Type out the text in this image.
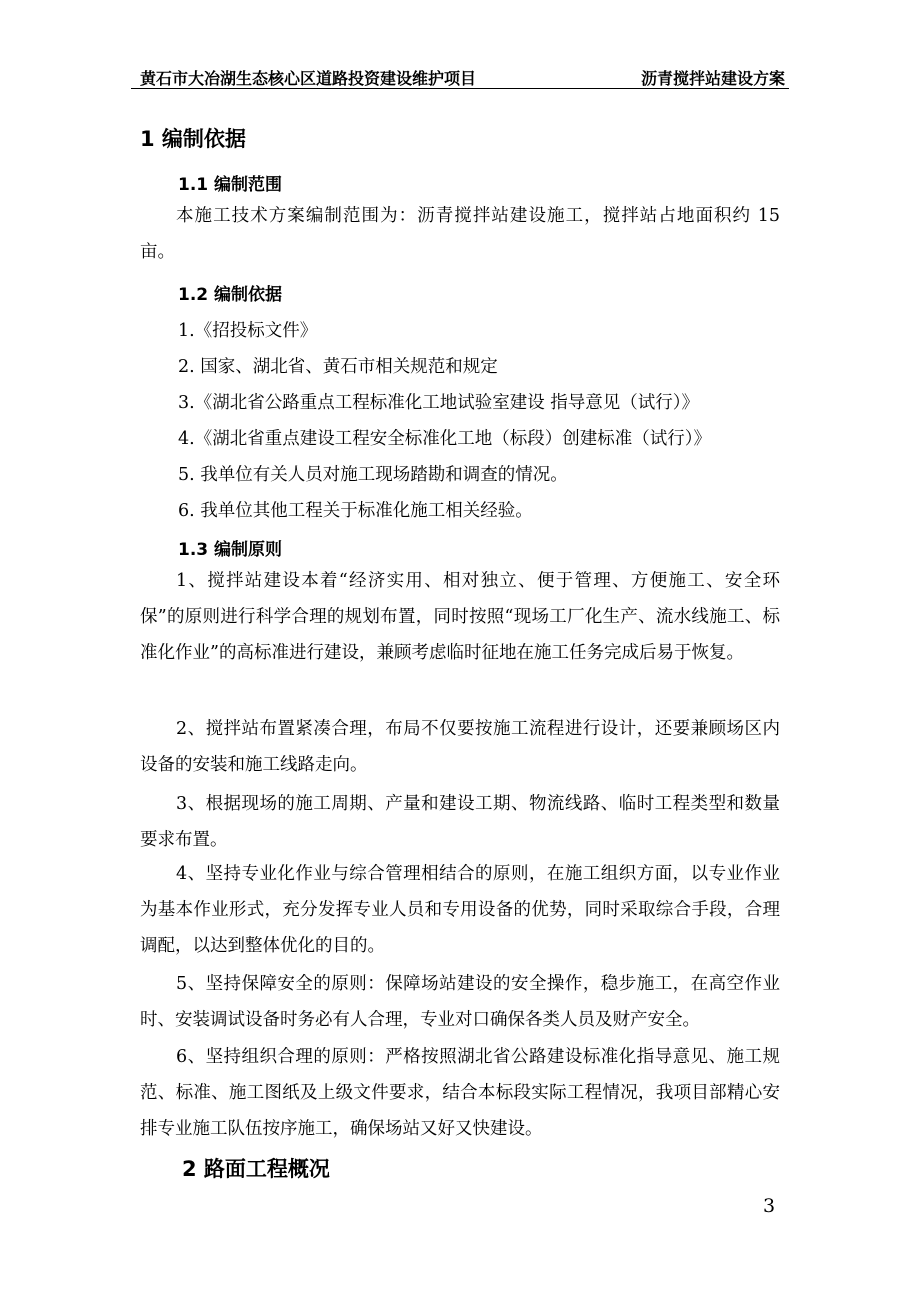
黄石市大冶湖生态核心区道路投资建设维护项目	沥青搅拌站建设方案
1 编制依据
1.1 编制范围
本施工技术方案编制范围为：沥青搅拌站建设施工，搅拌站占地面积约 15 亩。
1.2 编制依据
1.《招投标文件》
2. 国家、湖北省、黄石市相关规范和规定
3.《湖北省公路重点工程标准化工地试验室建设 指导意见（试行）》
4.《湖北省重点建设工程安全标准化工地（标段）创建标准（试行）》
5. 我单位有关人员对施工现场踏勘和调查的情况。
6. 我单位其他工程关于标准化施工相关经验。
1.3 编制原则
1、搅拌站建设本着“经济实用、相对独立、便于管理、方便施工、安全环保”的原则进行科学合理的规划布置，同时按照“现场工厂化生产、流水线施工、标准化作业”的高标准进行建设，兼顾考虑临时征地在施工任务完成后易于恢复。
2、搅拌站布置紧凑合理，布局不仅要按施工流程进行设计，还要兼顾场区内设备的安装和施工线路走向。
3、根据现场的施工周期、产量和建设工期、物流线路、临时工程类型和数量要求布置。
4、坚持专业化作业与综合管理相结合的原则，在施工组织方面，以专业作业为基本作业形式，充分发挥专业人员和专用设备的优势，同时采取综合手段，合理调配，以达到整体优化的目的。
5、坚持保障安全的原则：保障场站建设的安全操作，稳步施工，在高空作业时、安装调试设备时务必有人合理，专业对口确保各类人员及财产安全。
6、坚持组织合理的原则：严格按照湖北省公路建设标准化指导意见、施工规范、标准、施工图纸及上级文件要求，结合本标段实际工程情况，我项目部精心安排专业施工队伍按序施工，确保场站又好又快建设。
2 路面工程概况
3
